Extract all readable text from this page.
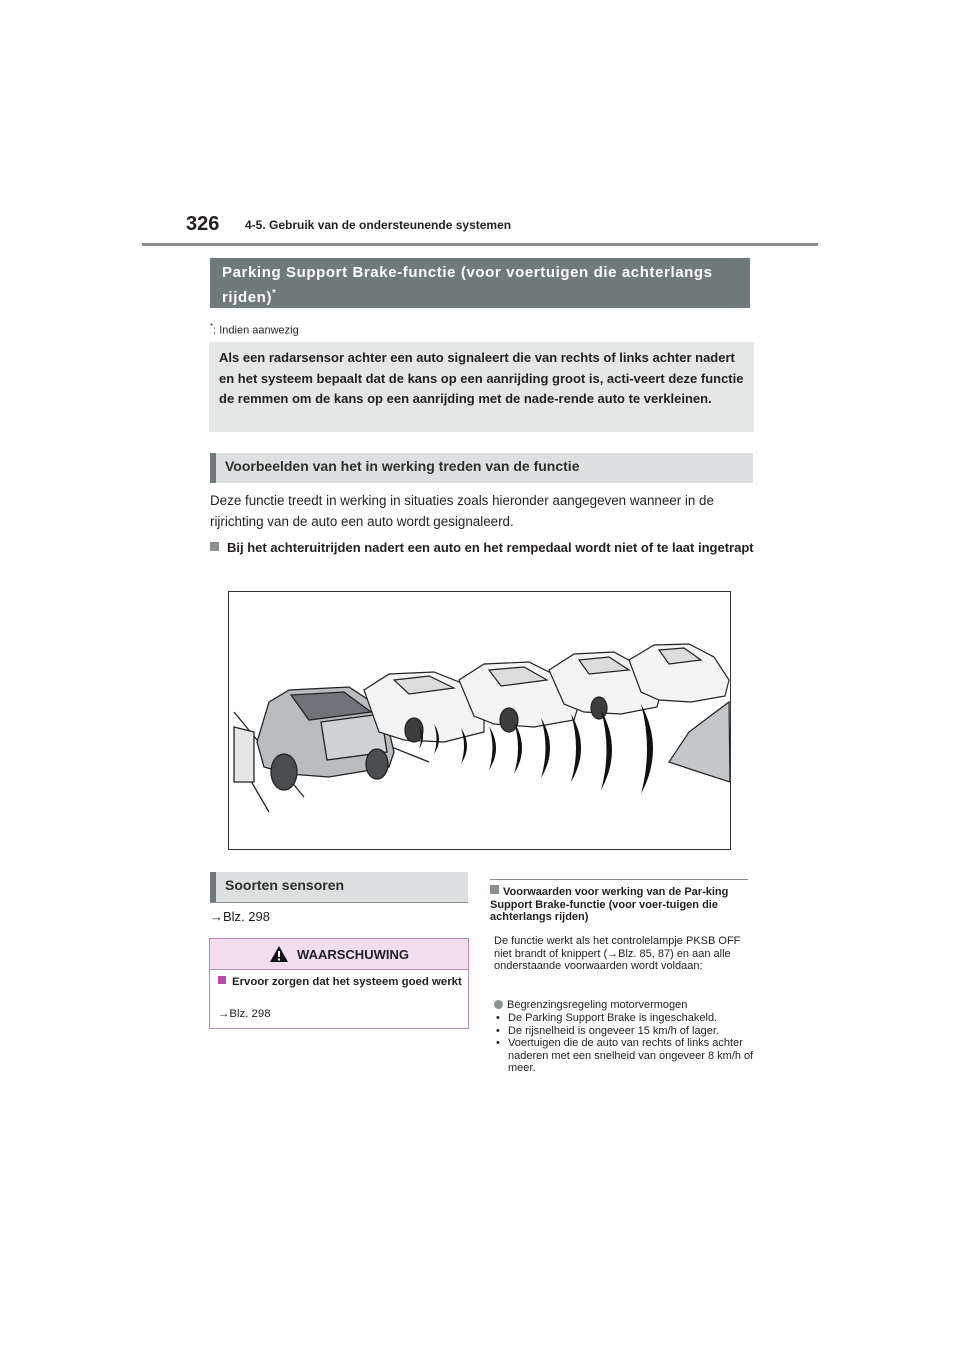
326 4-5. Gebruik van de ondersteunende systemen
Parking Support Brake-functie (voor voertuigen die achterlangs rijden)*
*: Indien aanwezig
Als een radarsensor achter een auto signaleert die van rechts of links achter nadert en het systeem bepaalt dat de kans op een aanrijding groot is, acti-veert deze functie de remmen om de kans op een aanrijding met de nade-rende auto te verkleinen.
Voorbeelden van het in werking treden van de functie
Deze functie treedt in werking in situaties zoals hieronder aangegeven wanneer in de rijrichting van de auto een auto wordt gesignaleerd.
Bij het achteruitrijden nadert een auto en het rempedaal wordt niet of te laat ingetrapt
Soorten sensoren
→Blz. 298
WAARSCHUWING
Ervoor zorgen dat het systeem goed werkt
→Blz. 298
Voorwaarden voor werking van de Par-king Support Brake-functie (voor voer-tuigen die achterlangs rijden)
De functie werkt als het controlelampje PKSB OFF niet brandt of knippert (→Blz. 85, 87) en aan alle onderstaande voorwaarden wordt voldaan:
Begrenzingsregeling motorvermogen
• De Parking Support Brake is ingeschakeld.
• De rijsnelheid is ongeveer 15 km/h of lager.
• Voertuigen die de auto van rechts of links achter naderen met een snelheid van ongeveer 8 km/h of meer.
